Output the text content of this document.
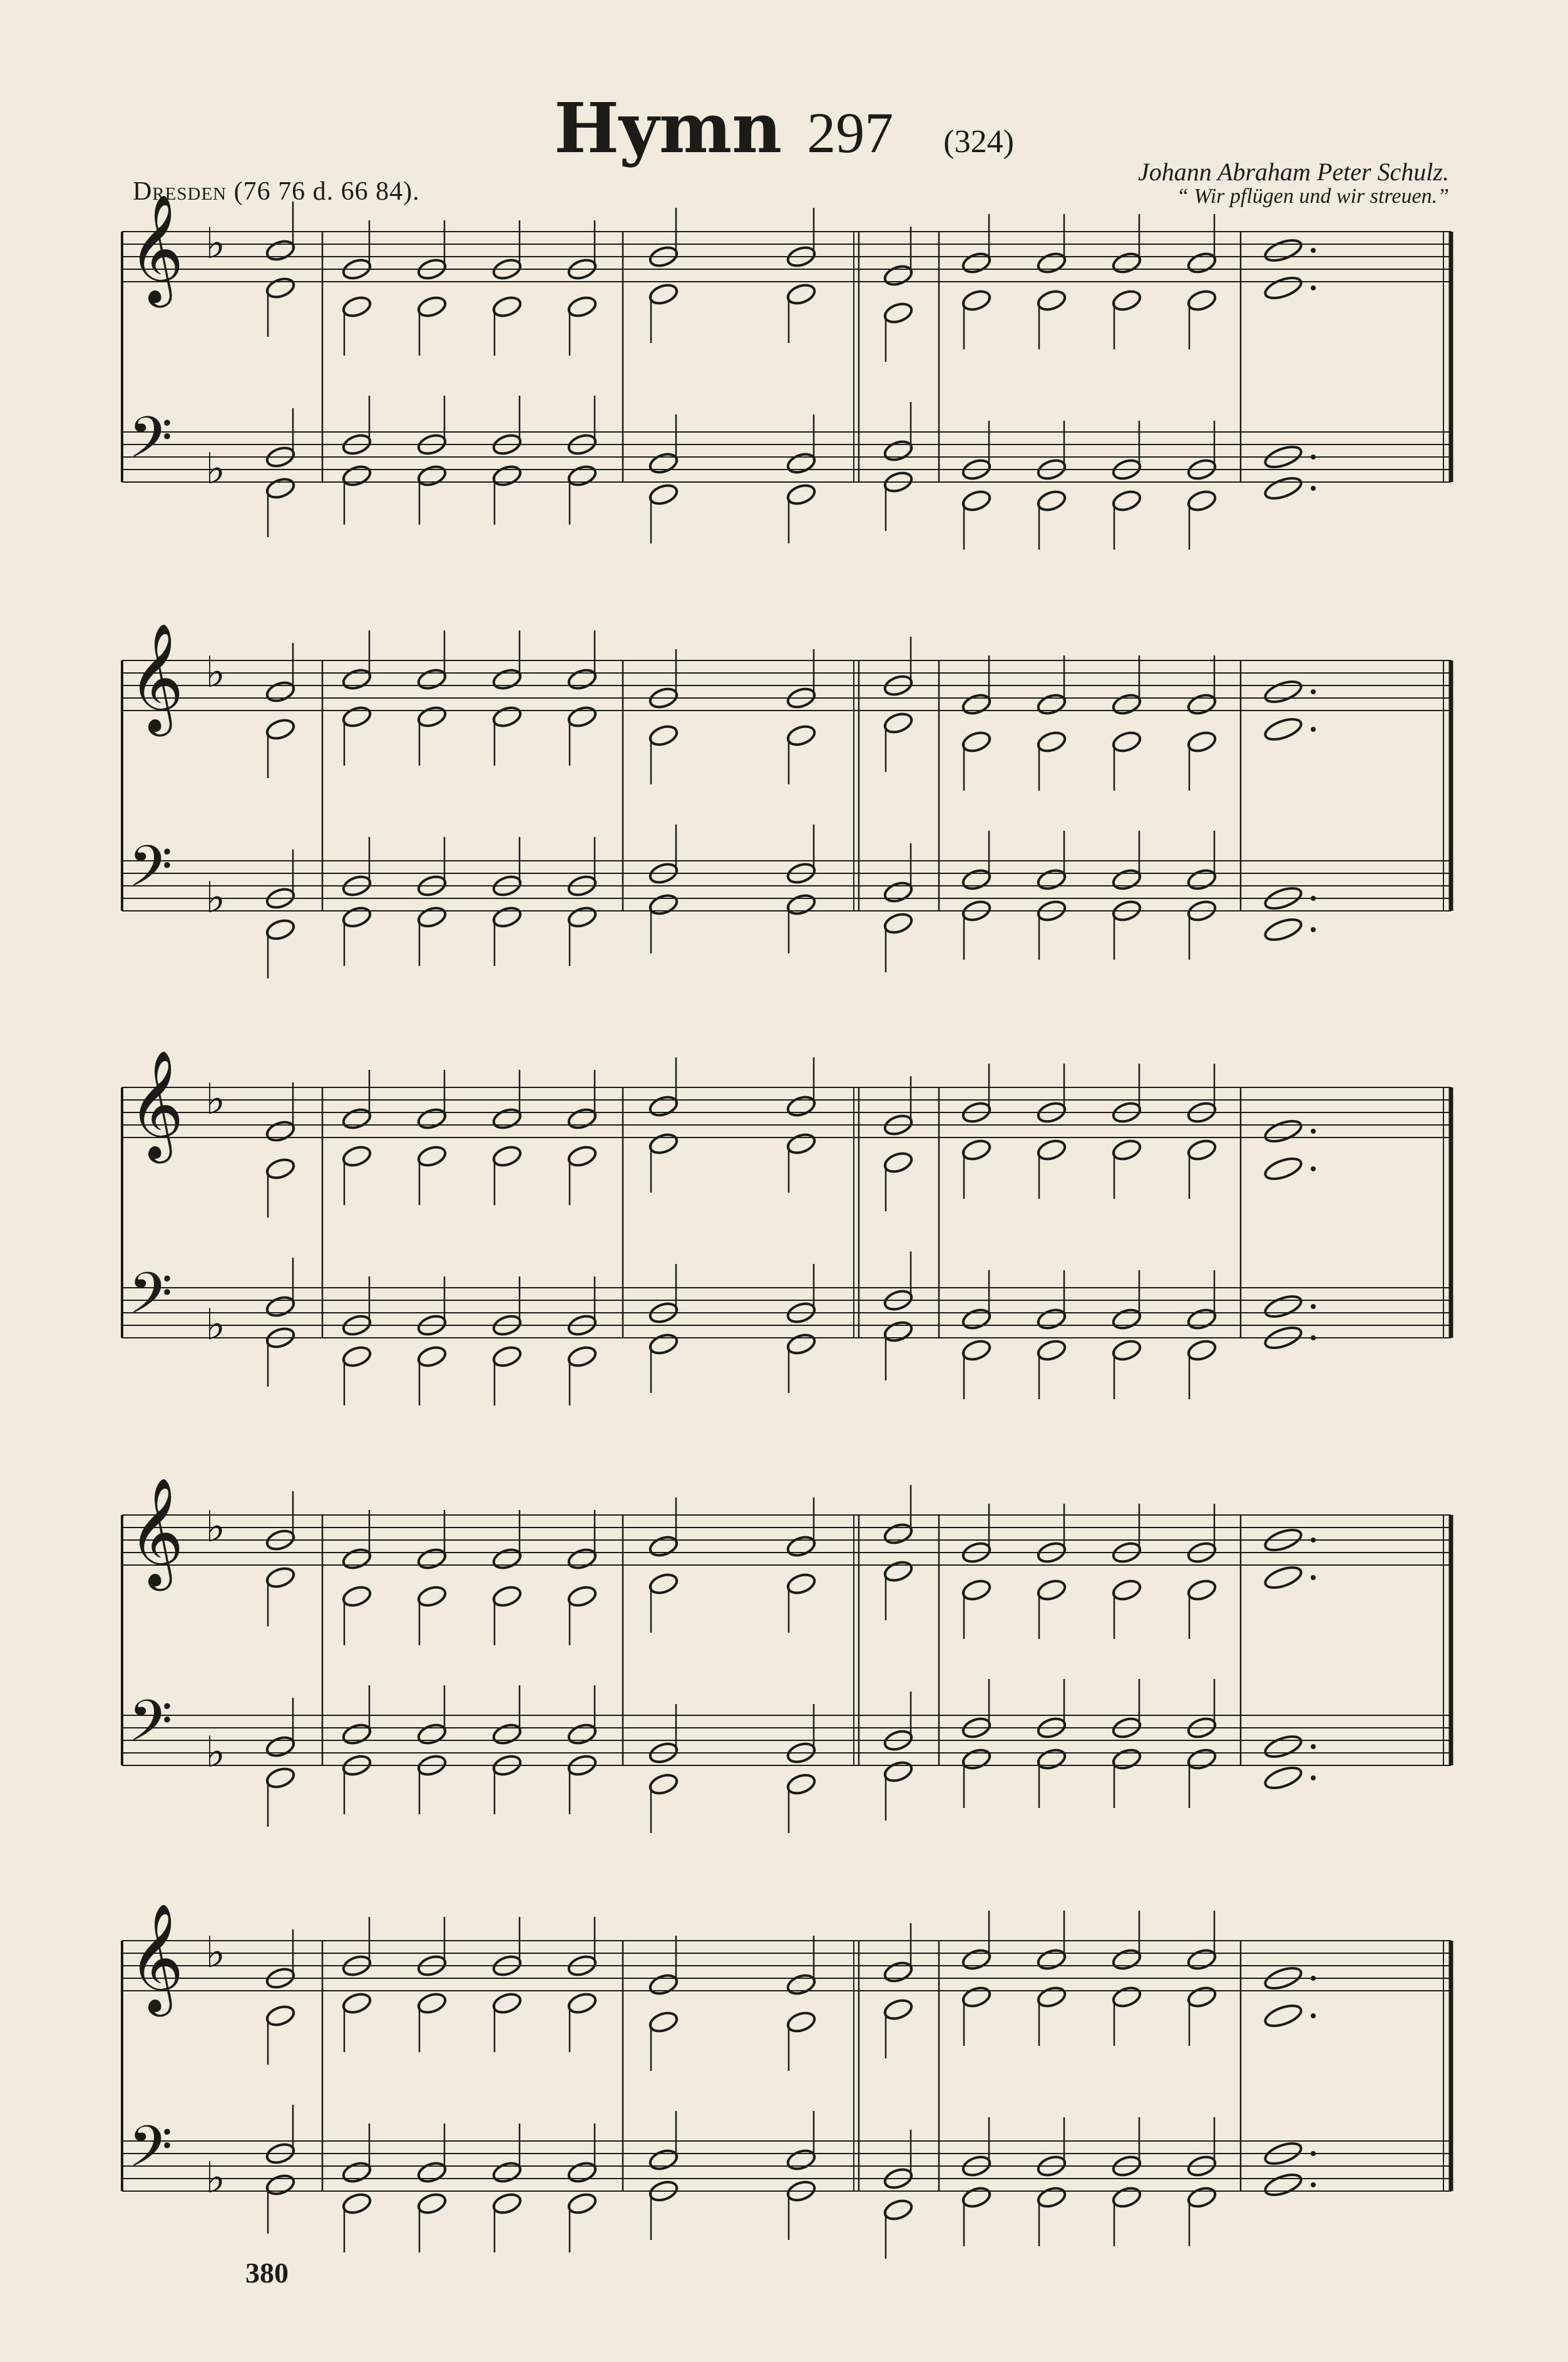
Hymn 297 (324)
Dresden (76 76 d. 66 84).
Johann Abraham Peter Schulz.
“ Wir pflügen und wir streuen.”
𝄞
𝄢
♭
♭
𝄞
𝄢
♭
♭
𝄞
𝄢
♭
♭
𝄞
𝄢
♭
♭
𝄞
𝄢
♭
♭
380
